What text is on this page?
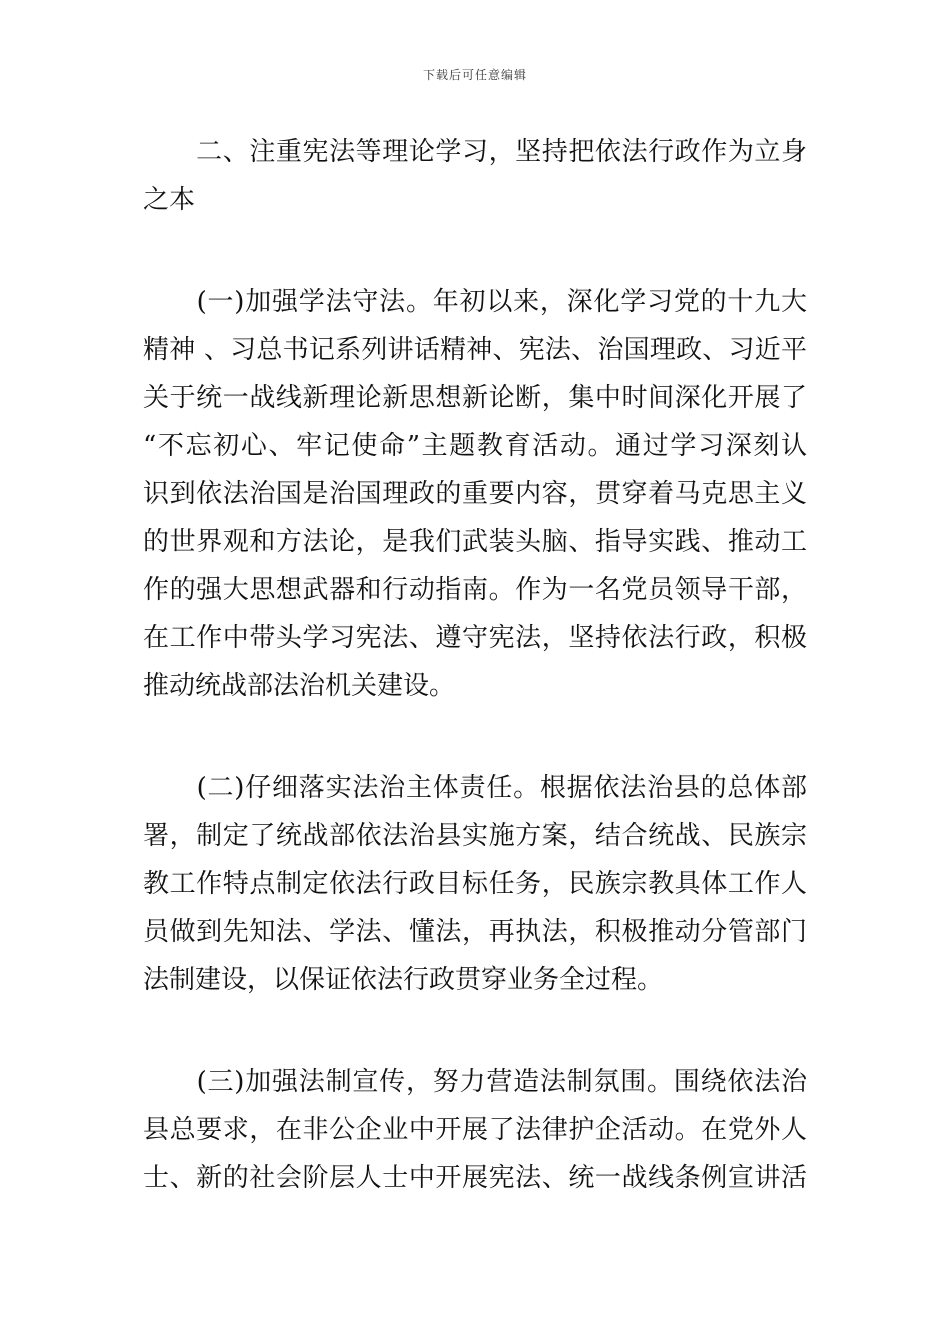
下载后可任意编辑
　　二、注重宪法等理论学习，坚持把依法行政作为立身
之本
　　(一)加强学法守法。年初以来，深化学习党的十九大
精神 、习总书记系列讲话精神、宪法、治国理政、习近平
关于统一战线新理论新思想新论断，集中时间深化开展了
“不忘初心、牢记使命”主题教育活动。通过学习深刻认
识到依法治国是治国理政的重要内容，贯穿着马克思主义
的世界观和方法论，是我们武装头脑、指导实践、推动工
作的强大思想武器和行动指南。作为一名党员领导干部，
在工作中带头学习宪法、遵守宪法，坚持依法行政，积极
推动统战部法治机关建设。
　　(二)仔细落实法治主体责任。根据依法治县的总体部
署，制定了统战部依法治县实施方案，结合统战、民族宗
教工作特点制定依法行政目标任务，民族宗教具体工作人
员做到先知法、学法、懂法，再执法，积极推动分管部门
法制建设，以保证依法行政贯穿业务全过程。
　　(三)加强法制宣传，努力营造法制氛围。围绕依法治
县总要求，在非公企业中开展了法律护企活动。在党外人
士、新的社会阶层人士中开展宪法、统一战线条例宣讲活
